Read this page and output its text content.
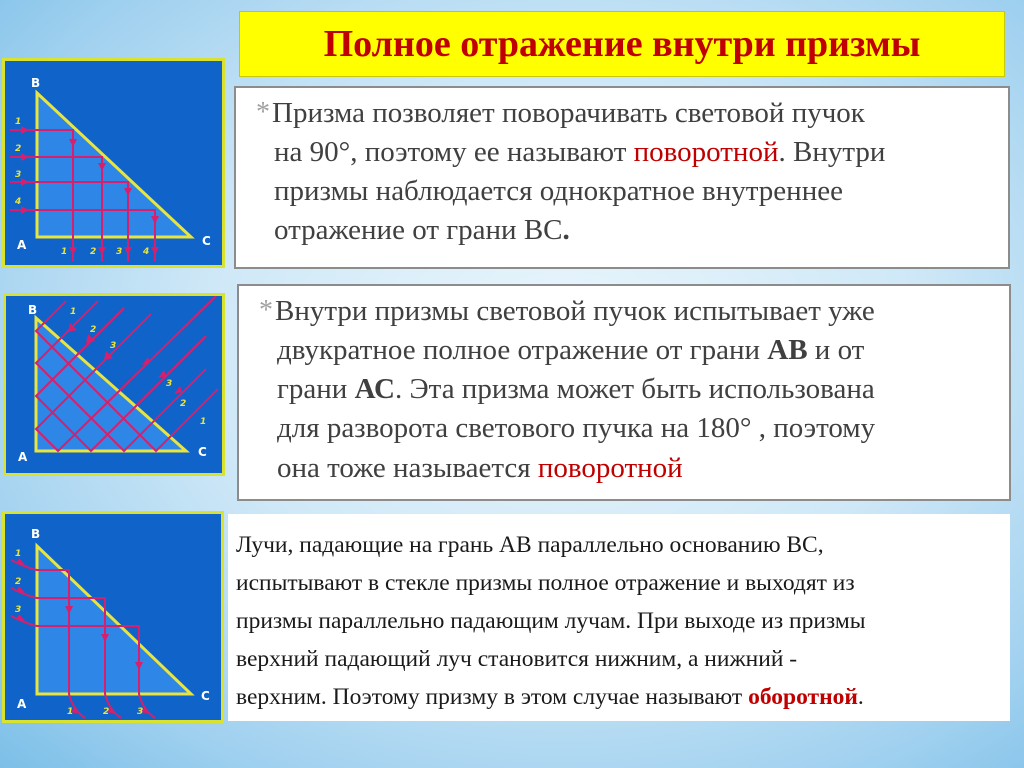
Полное отражение внутри призмы
В
А	С
1
2
3
4
1	2 3 4
В
А	С
1
2
3
3
2
1
В
А
С
1
2
3
1	2	3
*Призма позволяет поворачивать световой пучок
на 90°, поэтому ее называют поворотной. Внутри
призмы наблюдается однократное внутреннее
отражение от грани ВС.
*Внутри призмы световой пучок испытывает уже
двукратное полное отражение от грани АВ и от
грани АС. Эта призма может быть использована
для разворота светового пучка на 180° , поэтому
она тоже называется поворотной
Лучи, падающие на грань АВ параллельно основанию ВС,
испытывают в стекле призмы полное отражение и выходят из
призмы параллельно падающим лучам. При выходе из призмы
верхний падающий луч становится нижним, а нижний -
верхним. Поэтому призму в этом случае называют оборотной.
